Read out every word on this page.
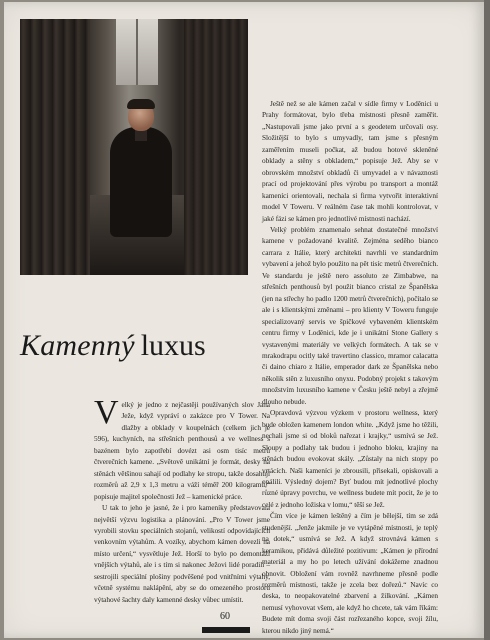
Kamenný luxus

Velký je jedno z nejčastěji používaných slov Jana Ježe, když vypráví o zakázce pro V Tower. Na dlažby a obklady v koupelnách (celkem jich je 596), kuchyních, na střešních penthousů a ve wellness s bazénem bylo zapotřebí dovézt asi osm tisíc metrů čtverečních kamene. „Světově unikátní je formát, desky na stěnách většinou sahají od podlahy ke stropu, takže dosahují rozměrů až 2,9 x 1,3 metru a váží téměř 200 kilogramů,“ popisuje majitel společnosti Jež – kamenické práce.

U tak to jeho je jasné, že i pro kameníky představovala největší výzvu logistika a plánování. „Pro V Tower jsme vyrobili stovku speciálních stojanů, velikostí odpovídajících venkovním výtahům. A vozíky, abychom kámen dovezli na místo určení,“ vysvětluje Jež. Horší to bylo po demontáži vnějších výtahů, ale i s tím si nakonec Ježovi lidé poradili – sestrojili speciální plošiny podvěšené pod vnitřními výtahy, včetně systému naklápění, aby se do omezeného prostoru výtahové šachty daly kamenné desky vůbec umístit.

Ještě než se ale kámen začal v sídle firmy v Loděnici u Prahy formátovat, bylo třeba místnosti přesně zaměřit. „Nastupovali jsme jako první a s geodetem určovali osy. Složitější to bylo s umyvadly, tam jsme s přesným zaměřením museli počkat, až budou hotové skleněné obklady a stěny s obkladem,“ popisuje Jež. Aby se v obrovském množství obkladů či umyvadel a v návaznosti prací od projektování přes výrobu po transport a montáž kameníci orientovali, nechala si firma vytvořit interaktivní model V Toweru. V reálném čase tak mohli kontrolovat, v jaké fázi se kámen pro jednotlivé místnosti nachází.

Velký problém znamenalo sehnat dostatečné množství kamene v požadované kvalitě. Zejména seděho bianco carrara z Itálie, který architekti navrhli ve standardním vybavení a jehož bylo použito na pět tisíc metrů čtverečních. Ve standardu je ještě nero assoluto ze Zimbabwe, na střešních penthousů byl použit bianco cristal ze Španělska (jen na střechy ho padlo 1200 metrů čtverečních), počítalo se ale i s klientskými změnami – pro klienty V Toweru funguje specializovaný servis ve špičkové vybaveném klientském centru firmy v Loděnici, kde je i unikátní Stone Gallery s vystavenými materiály ve velkých formátech. A tak se v mrakodrapu ocitly také travertino classico, mramor calacatta či daino chiaro z Itálie, emperador dark ze Španělska nebo několik stěn z luxusního onyxu. Podobný projekt s takovým množstvím luxusního kamene v Česku ještě nebyl a zřejmě dlouho nebude.

Opravdová výzvou výzkem v prostoru wellness, který bude obložen kamenem london white. „Když jsme ho těžili, nechali jsme si od bloků nařezat i krajky,“ usmívá se Jež. Sloupy a podlahy tak budou i jednoho bloku, krajiny na stěnách budou evokovat skály. „Zůstaly na nich stopy po vrtácích. Naši kameníci je zbrousili, přisekali, opiskovali a opálili. Výsledný dojem? Byť budou mít jednotlivé plochy různé úpravy povrchu, ve wellness budete mít pocit, že je to celé z jednoho ložiska v lomu,“ těší se Jež.

Čím více je kámen leštěný a čím je bělejší, tím se zdá studenější. „Jenže jakmile je ve vytápěné místnosti, je teplý na dotek,“ usmívá se Jež. A když strovnává kámen s keramikou, přidává důležité pozitivum: „Kámen je přírodní materiál a my ho po letech užívání dokážeme znadnou obnovit. Obložení vám rovněž navrhneme přesně podle rozměrů místnosti, takže je zcela bez dořezů.“ Navíc co deska, to neopakovatelné zbarvení a žilkování. „Kámen nemusí vyhovovat všem, ale když ho chcete, tak vám říkám: Budete mít doma svoji část rozřezaného kopce, svoji žílu, kterou nikdo jiný nemá.“

60
